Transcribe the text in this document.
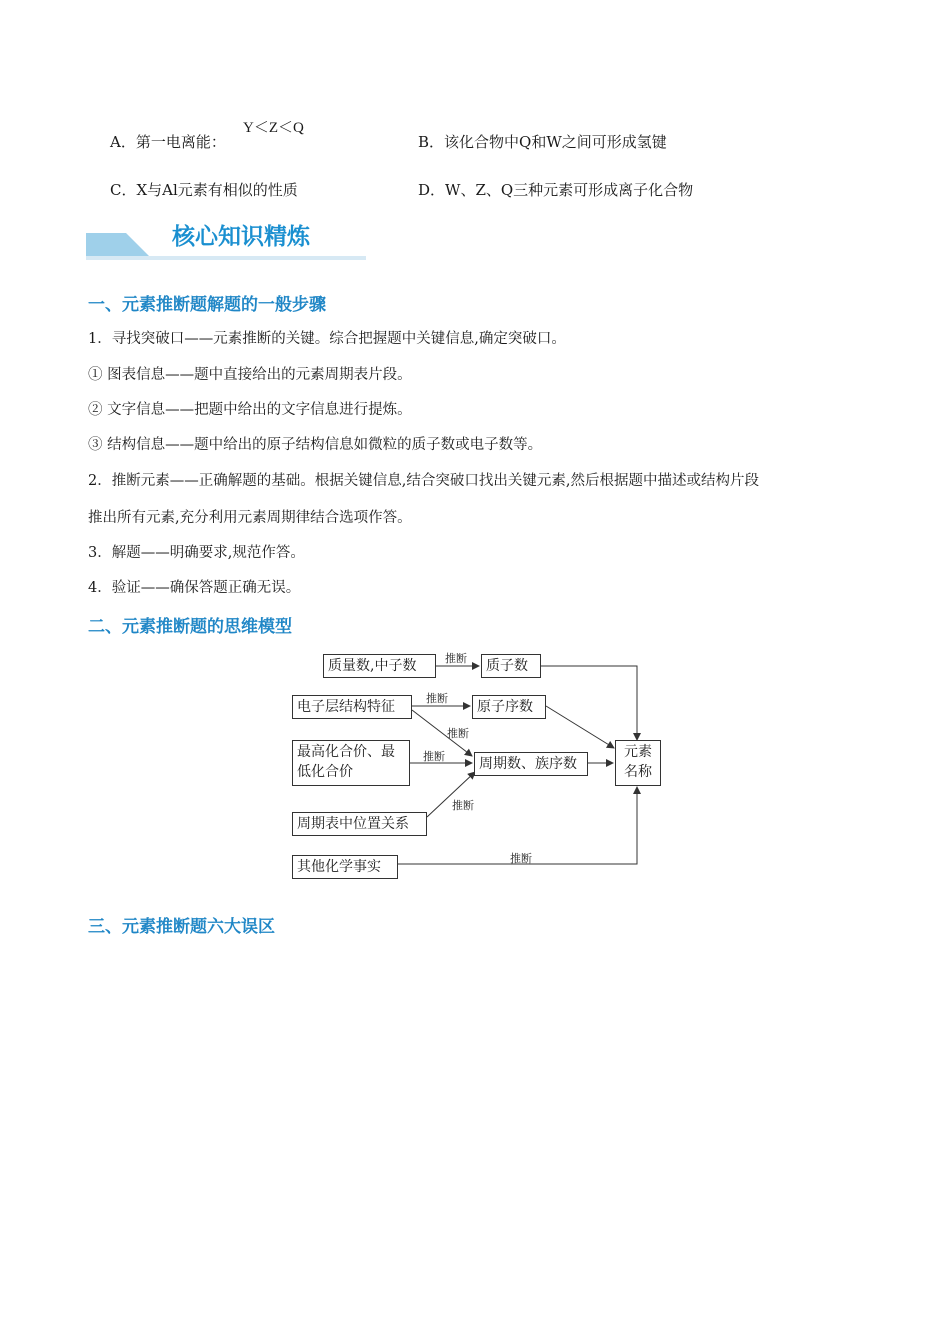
A．第一电离能：
Y＜Z＜Q
B．该化合物中Q和W之间可形成氢键
C．X与Al元素有相似的性质	D．W、Z、Q三种元素可形成离子化合物
核心知识精炼
一、元素推断题解题的一般步骤
1．寻找突破口——元素推断的关键。综合把握题中关键信息,确定突破口。
① 图表信息——题中直接给出的元素周期表片段。
② 文字信息——把题中给出的文字信息进行提炼。
③ 结构信息——题中给出的原子结构信息如微粒的质子数或电子数等。
2．推断元素——正确解题的基础。根据关键信息,结合突破口找出关键元素,然后根据题中描述或结构片段
推出所有元素,充分利用元素周期律结合选项作答。
3．解题——明确要求,规范作答。
4．验证——确保答题正确无误。
二、元素推断题的思维模型
质量数,中子数	质子数
电子层结构特征	原子序数
最高化合价、最
低化合价	周期数、族序数
元素
名称
周期表中位置关系
其他化学事实
推断
推断
推断
推断
推断
推断
三、元素推断题六大误区
